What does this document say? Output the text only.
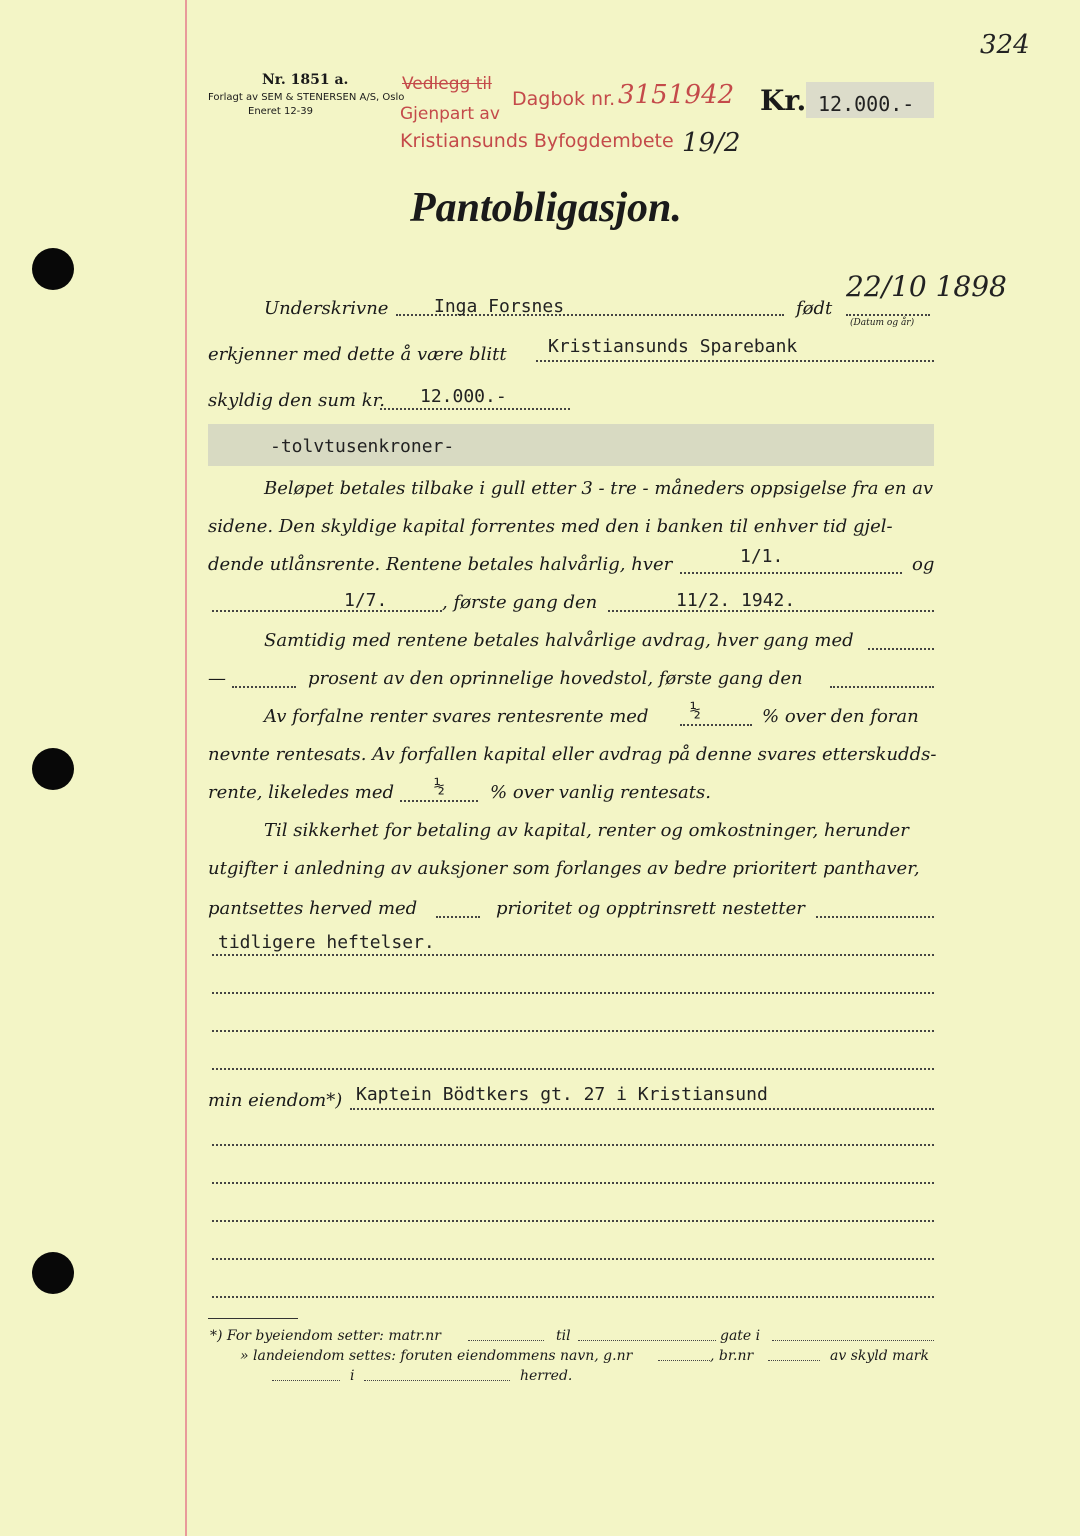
324
Nr. 1851 a.
Forlagt av SEM & STENERSEN A/S, Oslo
Eneret 12-39
Vedlegg til
Gjenpart av
Kristiansunds Byfogdembete
Dagbok nr. 315 1942
19/2
Kr. 12.000.-
Pantobligasjon.
Underskrivne	Inga Forsnes	født
22/10 1898
(Datum og år)
erkjenner med dette å være blitt Kristiansunds Sparebank
skyldig den sum kr. 12.000.-
-tolvtusenkroner-
Beløpet betales tilbake i gull etter 3 - tre - måneders oppsigelse fra en av
sidene. Den skyldige kapital forrentes med den i banken til enhver tid gjel-
dende utlånsrente. Rentene betales halvårlig, hver	1/1.	og
1/7.	, første gang den	11/2. 1942.
Samtidig med rentene betales halvårlige avdrag, hver gang med
—	prosent av den oprinnelige hovedstol, første gang den
Av forfalne renter svares rentesrente med ½	% over den foran
nevnte rentesats. Av forfallen kapital eller avdrag på denne svares etterskudds-
rente, likeledes med ½	% over vanlig rentesats.
Til sikkerhet for betaling av kapital, renter og omkostninger, herunder
utgifter i anledning av auksjoner som forlanges av bedre prioritert panthaver,
pantsettes herved med	prioritet og opptrinsrett nestetter
tidligere heftelser.
min eiendom*) Kaptein Bödtkers gt. 27 i Kristiansund
*) For byeiendom setter: matr.nr	til	gate i
» landeiendom settes: foruten eiendommens navn, g.nr	, br.nr	av skyld mark
i	herred.
